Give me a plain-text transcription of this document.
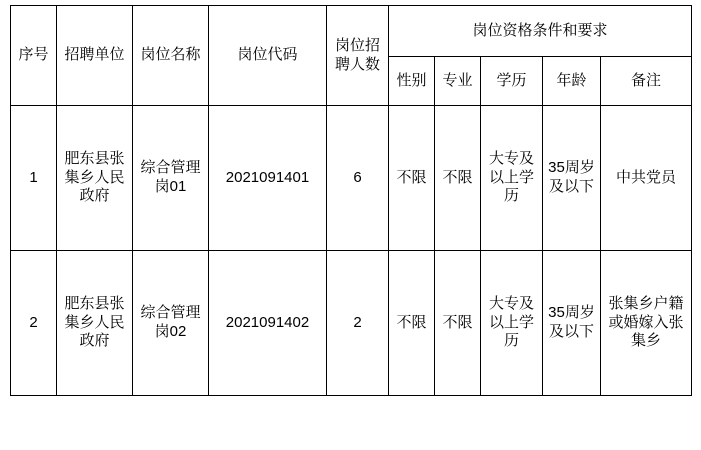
序号	招聘单位	岗位名称	岗位代码	岗位招聘人数	岗位资格条件和要求				
					性别	专业	学历	年龄	备注
1	肥东县张集乡人民政府	综合管理岗01	2021091401	6	不限	不限	大专及以上学历	35周岁及以下	中共党员
2	肥东县张集乡人民政府	综合管理岗02	2021091402	2	不限	不限	大专及以上学历	35周岁及以下	张集乡户籍或婚嫁入张集乡
